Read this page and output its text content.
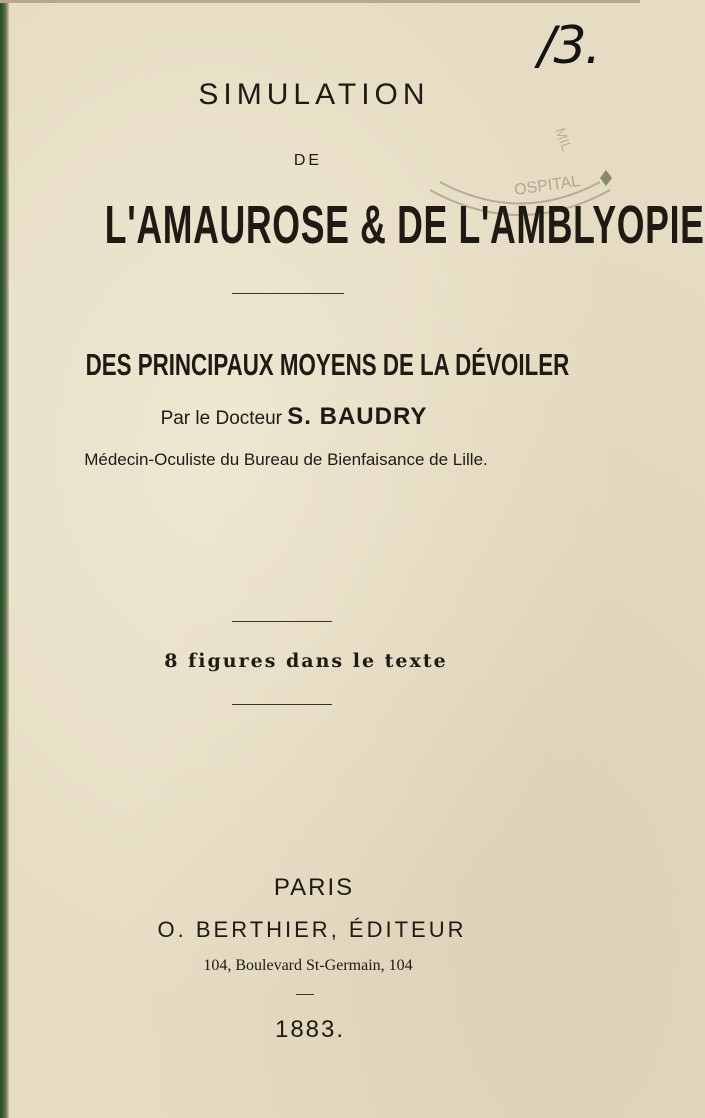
/3.
OSPITAL
MIL
SIMULATION
DE
L'AMAUROSE & DE L'AMBLYOPIE
DES PRINCIPAUX MOYENS DE LA DÉVOILER
Par le Docteur S. BAUDRY
Médecin-Oculiste du Bureau de Bienfaisance de Lille.
8 figures dans le texte
PARIS
O. BERTHIER, ÉDITEUR
104, Boulevard St-Germain, 104
1883.
